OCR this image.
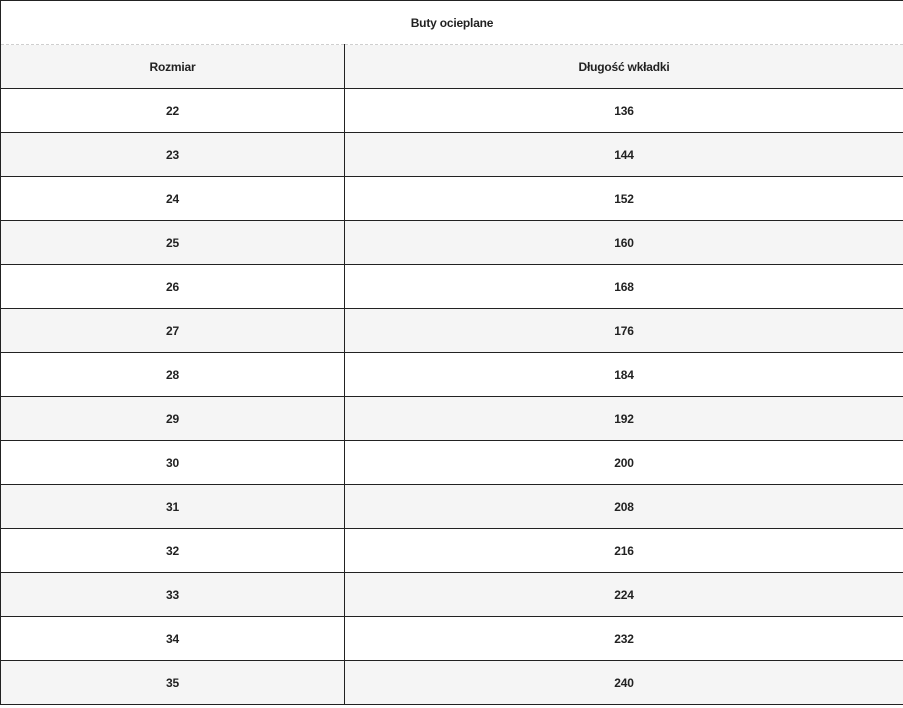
Buty ocieplane	
Rozmiar	Długość wkładki
22	136
23	144
24	152
25	160
26	168
27	176
28	184
29	192
30	200
31	208
32	216
33	224
34	232
35	240
